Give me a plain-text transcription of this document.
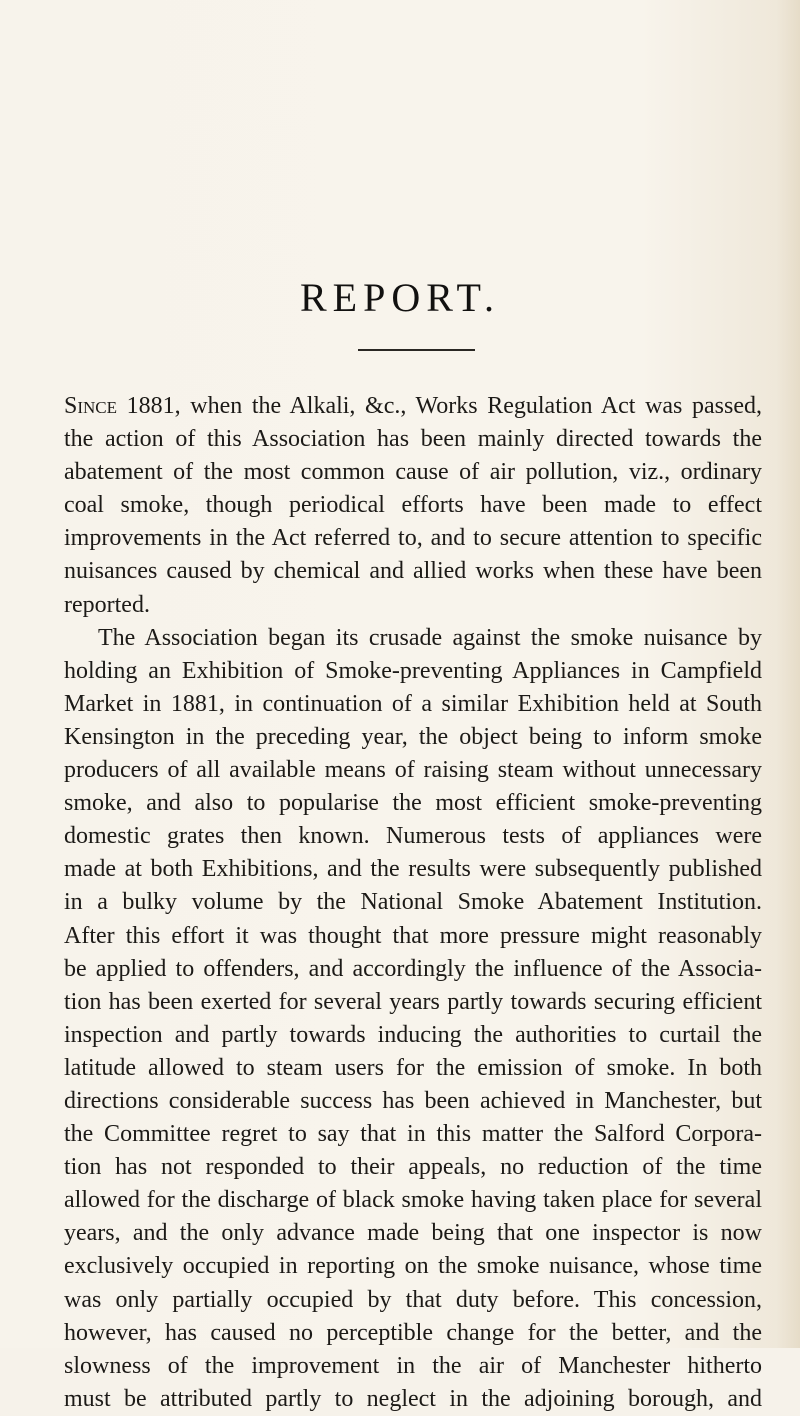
REPORT.
Since 1881, when the Alkali, &c., Works Regulation Act was passed,
the action of this Association has been mainly directed towards the
abatement of the most common cause of air pollution, viz., ordinary
coal smoke, though periodical efforts have been made to effect
improvements in the Act referred to, and to secure attention to specific
nuisances caused by chemical and allied works when these have been
reported.
The Association began its crusade against the smoke nuisance by
holding an Exhibition of Smoke-preventing Appliances in Campfield
Market in 1881, in continuation of a similar Exhibition held at South
Kensington in the preceding year, the object being to inform smoke
producers of all available means of raising steam without unnecessary
smoke, and also to popularise the most efficient smoke-preventing
domestic grates then known. Numerous tests of appliances were
made at both Exhibitions, and the results were subsequently published
in a bulky volume by the National Smoke Abatement Institution.
After this effort it was thought that more pressure might reasonably
be applied to offenders, and accordingly the influence of the Associa-
tion has been exerted for several years partly towards securing efficient
inspection and partly towards inducing the authorities to curtail the
latitude allowed to steam users for the emission of smoke. In both
directions considerable success has been achieved in Manchester, but
the Committee regret to say that in this matter the Salford Corpora-
tion has not responded to their appeals, no reduction of the time
allowed for the discharge of black smoke having taken place for several
years, and the only advance made being that one inspector is now
exclusively occupied in reporting on the smoke nuisance, whose time
was only partially occupied by that duty before. This concession,
however, has caused no perceptible change for the better, and the
slowness of the improvement in the air of Manchester hitherto
must be attributed partly to neglect in the adjoining borough, and
